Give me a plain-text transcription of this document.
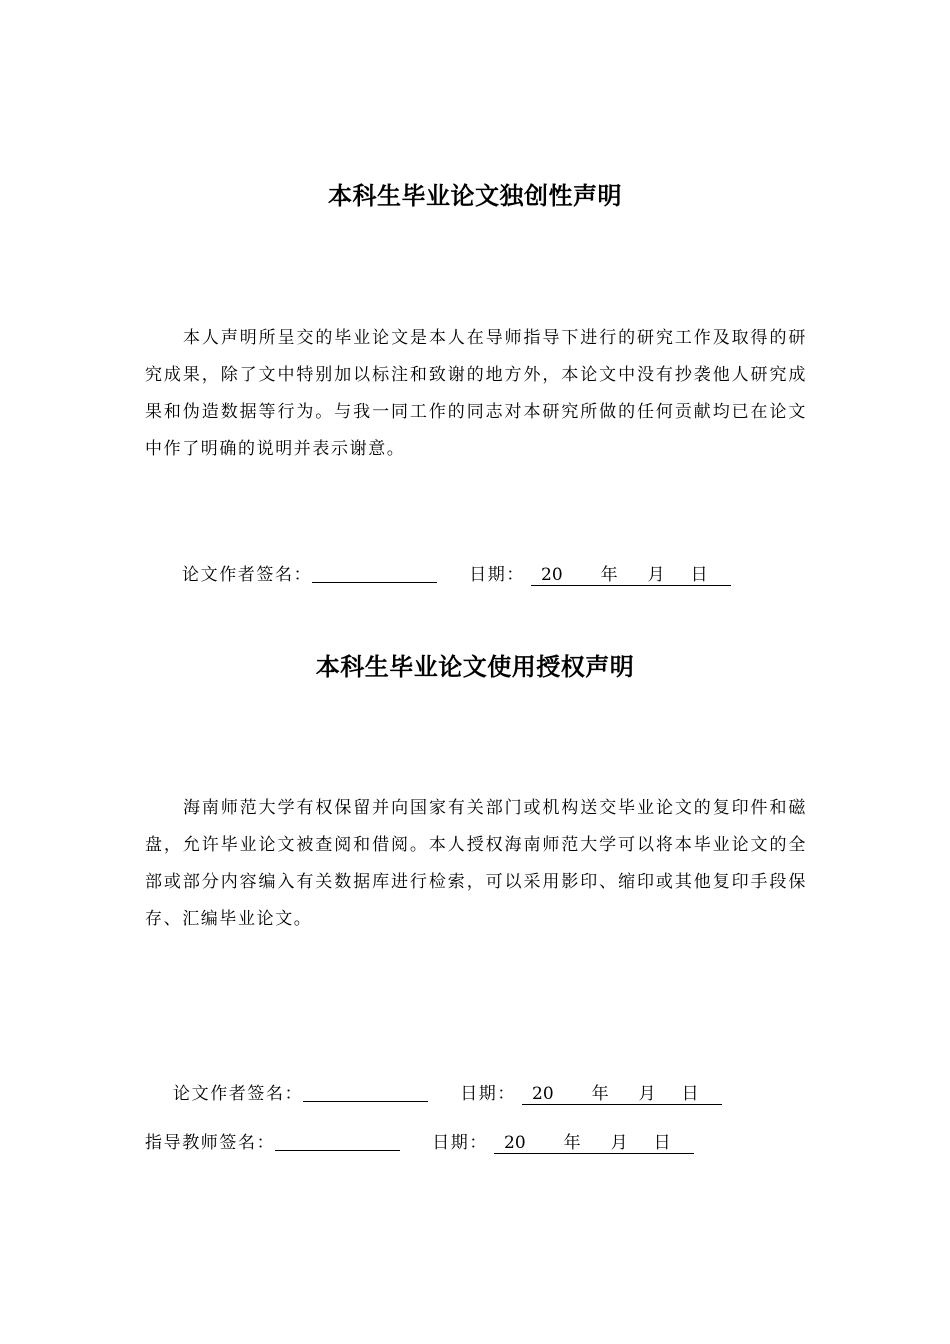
本科生毕业论文独创性声明

本人声明所呈交的毕业论文是本人在导师指导下进行的研究工作及取得的研究成果，除了文中特别加以标注和致谢的地方外，本论文中没有抄袭他人研究成果和伪造数据等行为。与我一同工作的同志对本研究所做的任何贡献均已在论文中作了明确的说明并表示谢意。

论文作者签名：	日期： 20 年 月 日
本科生毕业论文使用授权声明

海南师范大学有权保留并向国家有关部门或机构送交毕业论文的复印件和磁盘，允许毕业论文被查阅和借阅。本人授权海南师范大学可以将本毕业论文的全部或部分内容编入有关数据库进行检索，可以采用影印、缩印或其他复印手段保存、汇编毕业论文。

论文作者签名：	日期： 20 年 月 日
指导教师签名：	日期： 20 年 月 日
